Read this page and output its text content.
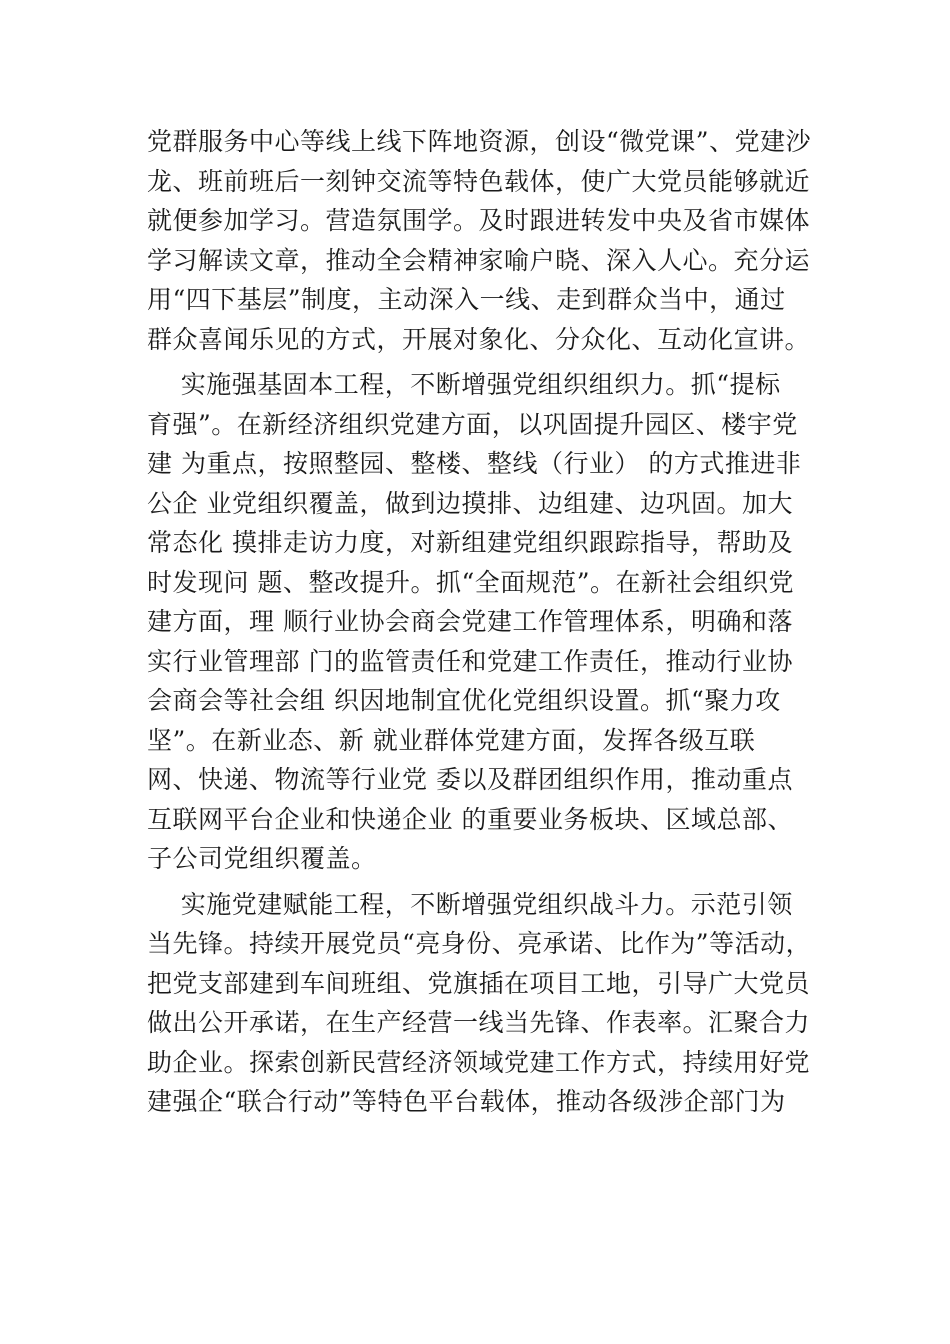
党群服务中心等线上线下阵地资源，创设“微党课”、党建沙
龙、班前班后一刻钟交流等特色载体，使广大党员能够就近
就便参加学习。营造氛围学。及时跟进转发中央及省市媒体
学习解读文章，推动全会精神家喻户晓、深入人心。充分运
用“四下基层”制度，主动深入一线、走到群众当中，通过
群众喜闻乐见的方式，开展对象化、分众化、互动化宣讲。
实施强基固本工程，不断增强党组织组织力。抓“提标
育强”。在新经济组织党建方面，以巩固提升园区、楼宇党
建 为重点，按照整园、整楼、整线（行业） 的方式推进非
公企 业党组织覆盖，做到边摸排、边组建、边巩固。加大
常态化 摸排走访力度，对新组建党组织跟踪指导，帮助及
时发现问 题、整改提升。抓“全面规范”。在新社会组织党
建方面，理 顺行业协会商会党建工作管理体系，明确和落
实行业管理部 门的监管责任和党建工作责任，推动行业协
会商会等社会组 织因地制宜优化党组织设置。抓“聚力攻
坚”。在新业态、新 就业群体党建方面，发挥各级互联
网、快递、物流等行业党 委以及群团组织作用，推动重点
互联网平台企业和快递企业 的重要业务板块、区域总部、
子公司党组织覆盖。
实施党建赋能工程，不断增强党组织战斗力。示范引领
当先锋。持续开展党员“亮身份、亮承诺、比作为”等活动，
把党支部建到车间班组、党旗插在项目工地，引导广大党员
做出公开承诺，在生产经营一线当先锋、作表率。汇聚合力
助企业。探索创新民营经济领域党建工作方式，持续用好党
建强企“联合行动”等特色平台载体，推动各级涉企部门为
